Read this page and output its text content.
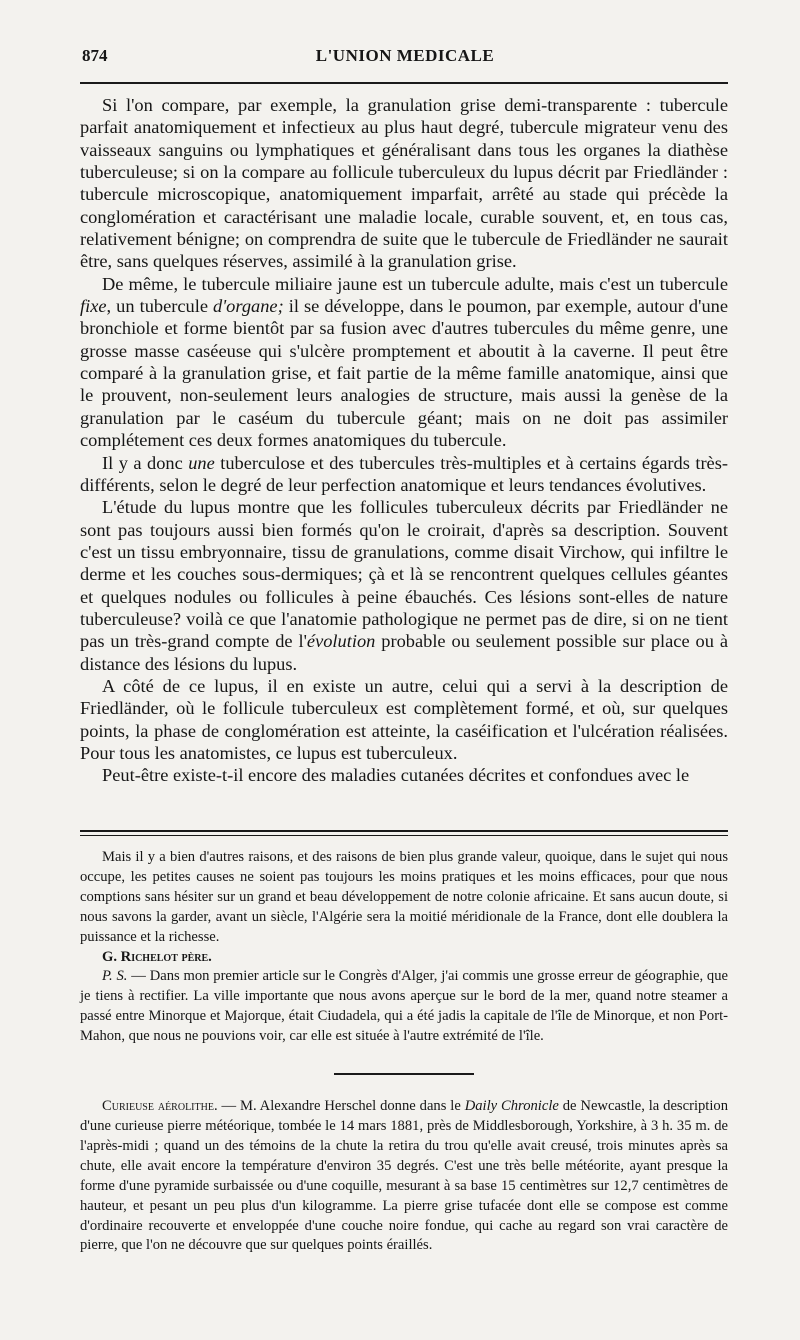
874	L'UNION MEDICALE

Si l'on compare, par exemple, la granulation grise demi-transparente : tubercule parfait anatomiquement et infectieux au plus haut degré, tubercule migrateur venu des vaisseaux sanguins ou lymphatiques et généralisant dans tous les organes la diathèse tuberculeuse; si on la compare au follicule tuberculeux du lupus décrit par Friedländer : tubercule microscopique, anatomiquement imparfait, arrêté au stade qui précède la conglomération et caractérisant une maladie locale, curable souvent, et, en tous cas, relativement bénigne; on comprendra de suite que le tubercule de Friedländer ne saurait être, sans quelques réserves, assimilé à la granulation grise.

De même, le tubercule miliaire jaune est un tubercule adulte, mais c'est un tubercule fixe, un tubercule d'organe; il se développe, dans le poumon, par exemple, autour d'une bronchiole et forme bientôt par sa fusion avec d'autres tubercules du même genre, une grosse masse caséeuse qui s'ulcère promptement et aboutit à la caverne. Il peut être comparé à la granulation grise, et fait partie de la même famille anatomique, ainsi que le prouvent, non-seulement leurs analogies de structure, mais aussi la genèse de la granulation par le caséum du tubercule géant; mais on ne doit pas assimiler complétement ces deux formes anatomiques du tubercule.

Il y a donc une tuberculose et des tubercules très-multiples et à certains égards très-différents, selon le degré de leur perfection anatomique et leurs tendances évolutives.

L'étude du lupus montre que les follicules tuberculeux décrits par Friedländer ne sont pas toujours aussi bien formés qu'on le croirait, d'après sa description. Souvent c'est un tissu embryonnaire, tissu de granulations, comme disait Virchow, qui infiltre le derme et les couches sous-dermiques; çà et là se rencontrent quelques cellules géantes et quelques nodules ou follicules à peine ébauchés. Ces lésions sont-elles de nature tuberculeuse? voilà ce que l'anatomie pathologique ne permet pas de dire, si on ne tient pas un très-grand compte de l'évolution probable ou seulement possible sur place ou à distance des lésions du lupus.

A côté de ce lupus, il en existe un autre, celui qui a servi à la description de Friedländer, où le follicule tuberculeux est complètement formé, et où, sur quelques points, la phase de conglomération est atteinte, la caséification et l'ulcération réalisées. Pour tous les anatomistes, ce lupus est tuberculeux.

Peut-être existe-t-il encore des maladies cutanées décrites et confondues avec le

Mais il y a bien d'autres raisons, et des raisons de bien plus grande valeur, quoique, dans le sujet qui nous occupe, les petites causes ne soient pas toujours les moins pratiques et les moins efficaces, pour que nous comptions sans hésiter sur un grand et beau développement de notre colonie africaine. Et sans aucun doute, si nous savons la garder, avant un siècle, l'Algérie sera la moitié méridionale de la France, dont elle doublera la puissance et la richesse.

G. Richelot père.

P. S. — Dans mon premier article sur le Congrès d'Alger, j'ai commis une grosse erreur de géographie, que je tiens à rectifier. La ville importante que nous avons aperçue sur le bord de la mer, quand notre steamer a passé entre Minorque et Majorque, était Ciudadela, qui a été jadis la capitale de l'île de Minorque, et non Port-Mahon, que nous ne pouvions voir, car elle est située à l'autre extrémité de l'île.

Curieuse aérolithe. — M. Alexandre Herschel donne dans le Daily Chronicle de Newcastle, la description d'une curieuse pierre météorique, tombée le 14 mars 1881, près de Middlesborough, Yorkshire, à 3 h. 35 m. de l'après-midi ; quand un des témoins de la chute la retira du trou qu'elle avait creusé, trois minutes après sa chute, elle avait encore la température d'environ 35 degrés. C'est une très belle météorite, ayant presque la forme d'une pyramide surbaissée ou d'une coquille, mesurant à sa base 15 centimètres sur 12,7 centimètres de hauteur, et pesant un peu plus d'un kilogramme. La pierre grise tufacée dont elle se compose est comme d'ordinaire recouverte et enveloppée d'une couche noire fondue, qui cache au regard son vrai caractère de pierre, que l'on ne découvre que sur quelques points éraillés.
